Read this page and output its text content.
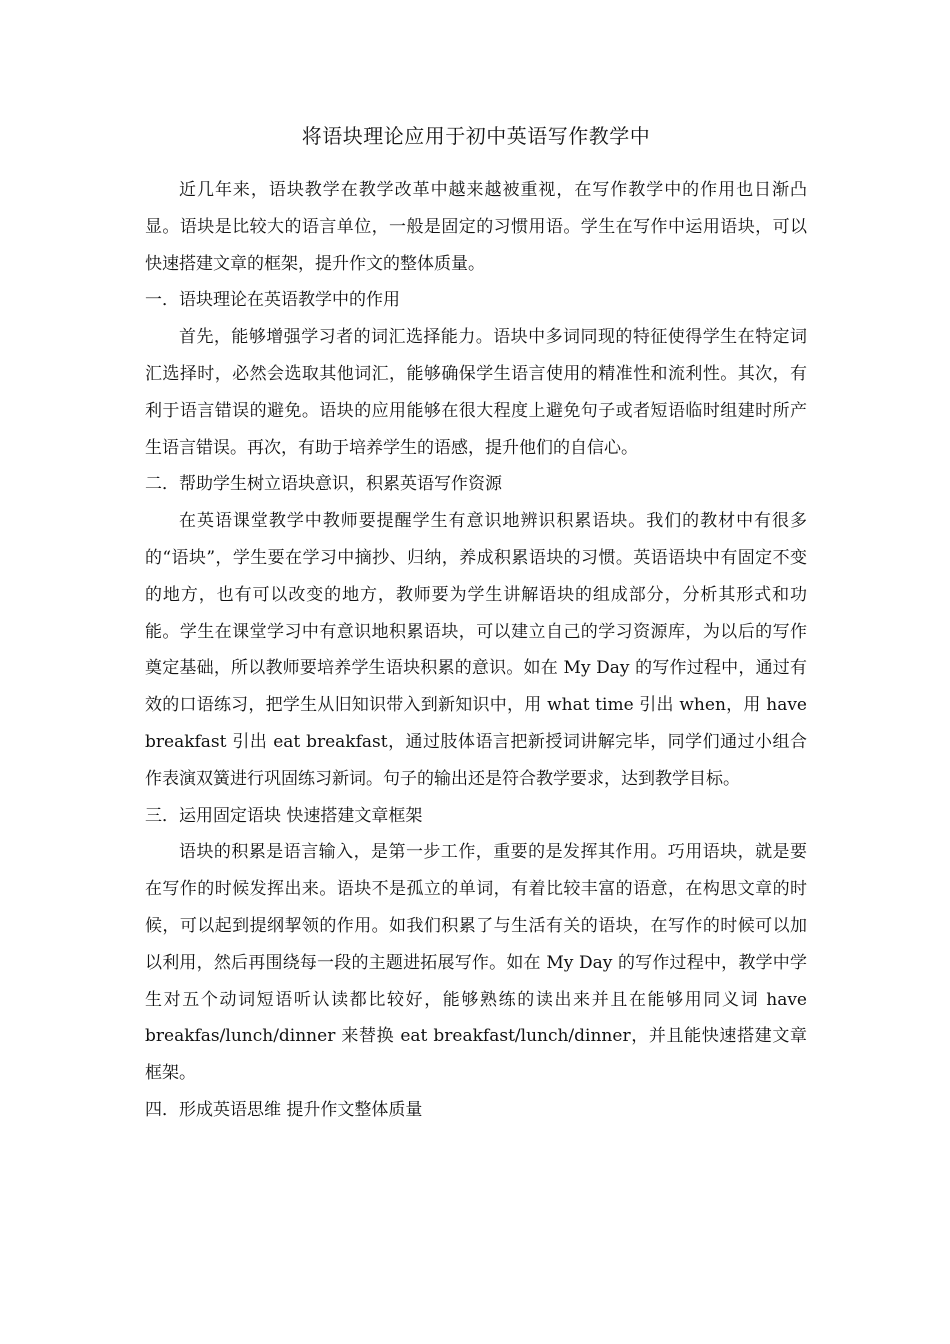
将语块理论应用于初中英语写作教学中

近几年来，语块教学在教学改革中越来越被重视，在写作教学中的作用也日渐凸显。语块是比较大的语言单位，一般是固定的习惯用语。学生在写作中运用语块，可以快速搭建文章的框架，提升作文的整体质量。

一．语块理论在英语教学中的作用

首先，能够增强学习者的词汇选择能力。语块中多词同现的特征使得学生在特定词汇选择时，必然会选取其他词汇，能够确保学生语言使用的精准性和流利性。其次，有利于语言错误的避免。语块的应用能够在很大程度上避免句子或者短语临时组建时所产生语言错误。再次，有助于培养学生的语感，提升他们的自信心。

二．帮助学生树立语块意识，积累英语写作资源

在英语课堂教学中教师要提醒学生有意识地辨识积累语块。我们的教材中有很多的“语块”，学生要在学习中摘抄、归纳，养成积累语块的习惯。英语语块中有固定不变的地方，也有可以改变的地方，教师要为学生讲解语块的组成部分，分析其形式和功能。学生在课堂学习中有意识地积累语块，可以建立自己的学习资源库，为以后的写作奠定基础，所以教师要培养学生语块积累的意识。如在 My Day 的写作过程中，通过有效的口语练习，把学生从旧知识带入到新知识中，用 what time 引出 when，用 have breakfast 引出 eat breakfast，通过肢体语言把新授词讲解完毕，同学们通过小组合作表演双簧进行巩固练习新词。句子的输出还是符合教学要求，达到教学目标。

三．运用固定语块 快速搭建文章框架

语块的积累是语言输入，是第一步工作，重要的是发挥其作用。巧用语块，就是要在写作的时候发挥出来。语块不是孤立的单词，有着比较丰富的语意，在构思文章的时候，可以起到提纲挈领的作用。如我们积累了与生活有关的语块，在写作的时候可以加以利用，然后再围绕每一段的主题进拓展写作。如在 My Day 的写作过程中，教学中学生对五个动词短语听认读都比较好，能够熟练的读出来并且在能够用同义词 have breakfas/lunch/dinner 来替换 eat breakfast/lunch/dinner，并且能快速搭建文章框架。

四．形成英语思维 提升作文整体质量
